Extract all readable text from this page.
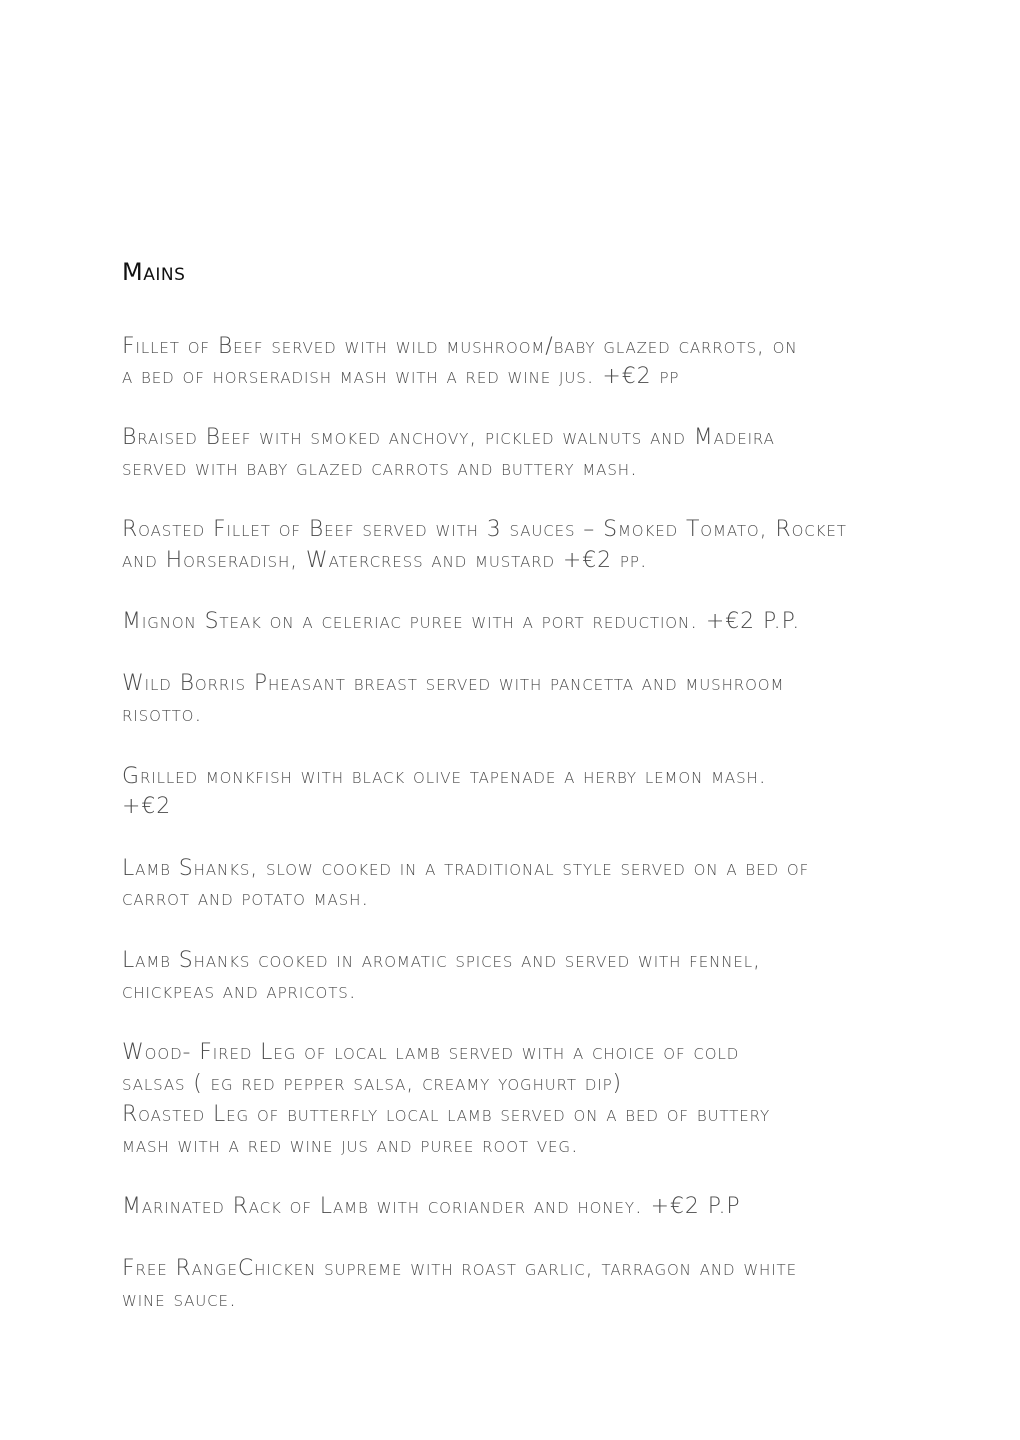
Mains

Fillet of Beef served with wild mushroom/baby glazed carrots, on

a bed of horseradish mash with a red wine jus. +€2 pp

Braised Beef with smoked anchovy, pickled walnuts and Madeira

served with baby glazed carrots and buttery mash.

Roasted Fillet of Beef served with 3 sauces – Smoked Tomato, Rocket

and Horseradish, Watercress and mustard +€2 pp.

Mignon Steak on a celeriac puree with a port reduction. +€2 P.P.

Wild Borris Pheasant breast served with pancetta and mushroom

risotto.

Grilled monkfish with black olive tapenade a herby lemon mash.

+€2

Lamb Shanks, slow cooked in a traditional style served on a bed of

carrot and potato mash.

Lamb Shanks cooked in aromatic spices and served with fennel,

chickpeas and apricots.

Wood- Fired Leg of local lamb served with a choice of cold

salsas ( eg red pepper salsa, creamy yoghurt dip)

Roasted Leg of butterfly local lamb served on a bed of buttery

mash with a red wine jus and puree root veg.

Marinated Rack of Lamb with coriander and honey. +€2 P.P

Free RangeChicken supreme with roast garlic, tarragon and white

wine sauce.
